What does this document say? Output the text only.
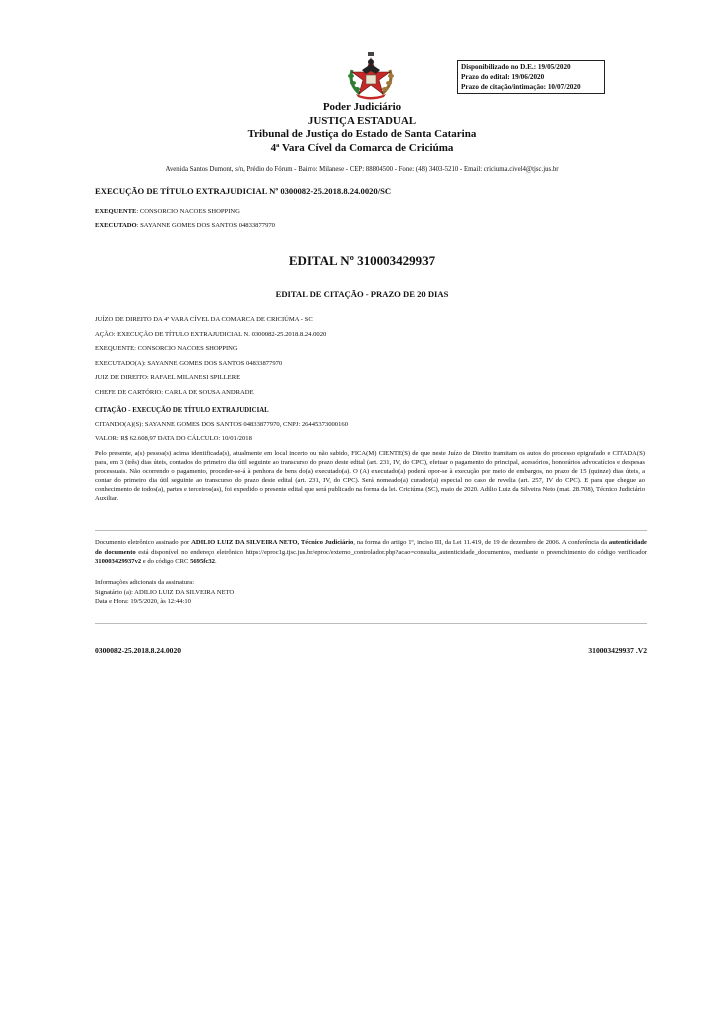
Disponibilizado no D.E.: 19/05/2020
Prazo do edital: 19/06/2020
Prazo de citação/intimação: 10/07/2020
Poder Judiciário
JUSTIÇA ESTADUAL
Tribunal de Justiça do Estado de Santa Catarina
4ª Vara Cível da Comarca de Criciúma
Avenida Santos Dumont, s/n, Prédio do Fórum - Bairro: Milanese - CEP: 88804500 - Fone: (48) 3403-5210 - Email: criciuma.civel4@tjsc.jus.br
EXECUÇÃO DE TÍTULO EXTRAJUDICIAL Nº 0300082-25.2018.8.24.0020/SC
EXEQUENTE: CONSORCIO NACOES SHOPPING
EXECUTADO: SAYANNE GOMES DOS SANTOS 04833877970
EDITAL Nº 310003429937
EDITAL DE CITAÇÃO - PRAZO DE 20 DIAS
JUÍZO DE DIREITO DA 4ª VARA CÍVEL DA COMARCA DE CRICIÚMA - SC
AÇÃO: EXECUÇÃO DE TÍTULO EXTRAJUDICIAL N. 0300082-25.2018.8.24.0020
EXEQUENTE: CONSORCIO NACOES SHOPPING
EXECUTADO(A): SAYANNE GOMES DOS SANTOS 04833877970
JUIZ DE DIREITO: RAFAEL MILANESI SPILLERE
CHEFE DE CARTÓRIO: CARLA DE SOUSA ANDRADE
CITAÇÃO - EXECUÇÃO DE TÍTULO EXTRAJUDICIAL
CITANDO(A)(S): SAYANNE GOMES DOS SANTOS 04833877970, CNPJ: 26445373000160
VALOR: R$ 62.608,97 DATA DO CÁLCULO: 10/01/2018
Pelo presente, a(s) pessoa(s) acima identificada(s), atualmente em local incerto ou não sabido, FICA(M) CIENTE(S) de que neste Juízo de Direito tramitam os autos do processo epigrafado e CITADA(S) para, em 3 (três) dias úteis, contados do primeiro dia útil seguinte ao transcurso do prazo deste edital (art. 231, IV, do CPC), efetuar o pagamento do principal, acessórios, honorários advocatícios e despesas processuais. Não ocorrendo o pagamento, proceder-se-á à penhora de bens do(a) executado(a). O (A) executado(a) poderá opor-se à execução por meio de embargos, no prazo de 15 (quinze) dias úteis, a contar do primeiro dia útil seguinte ao transcurso do prazo deste edital (art. 231, IV, do CPC). Será nomeado(a) curador(a) especial no caso de revelia (art. 257, IV do CPC). E para que chegue ao conhecimento de todos(a), partes e terceiros(as), foi expedido o presente edital que será publicado na forma da lei. Criciúma (SC), maio de 2020. Adilio Luiz da Silveira Neto (mat. 28.708), Técnico Judiciário Auxiliar.
Documento eletrônico assinado por ADILIO LUIZ DA SILVEIRA NETO, Técnico Judiciário, na forma do artigo 1º, inciso III, da Lei 11.419, de 19 de dezembro de 2006. A conferência da autenticidade do documento está disponível no endereço eletrônico https://eproc1g.tjsc.jus.br/eproc/externo_controlador.php?acao=consulta_autenticidade_documentos, mediante o preenchimento do código verificador 310003429937v2 e do código CRC 5695fc32.
Informações adicionais da assinatura:
Signatário (a): ADILIO LUIZ DA SILVEIRA NETO
Data e Hora: 19/5/2020, às 12:44:10
0300082-25.2018.8.24.0020	310003429937 .V2
